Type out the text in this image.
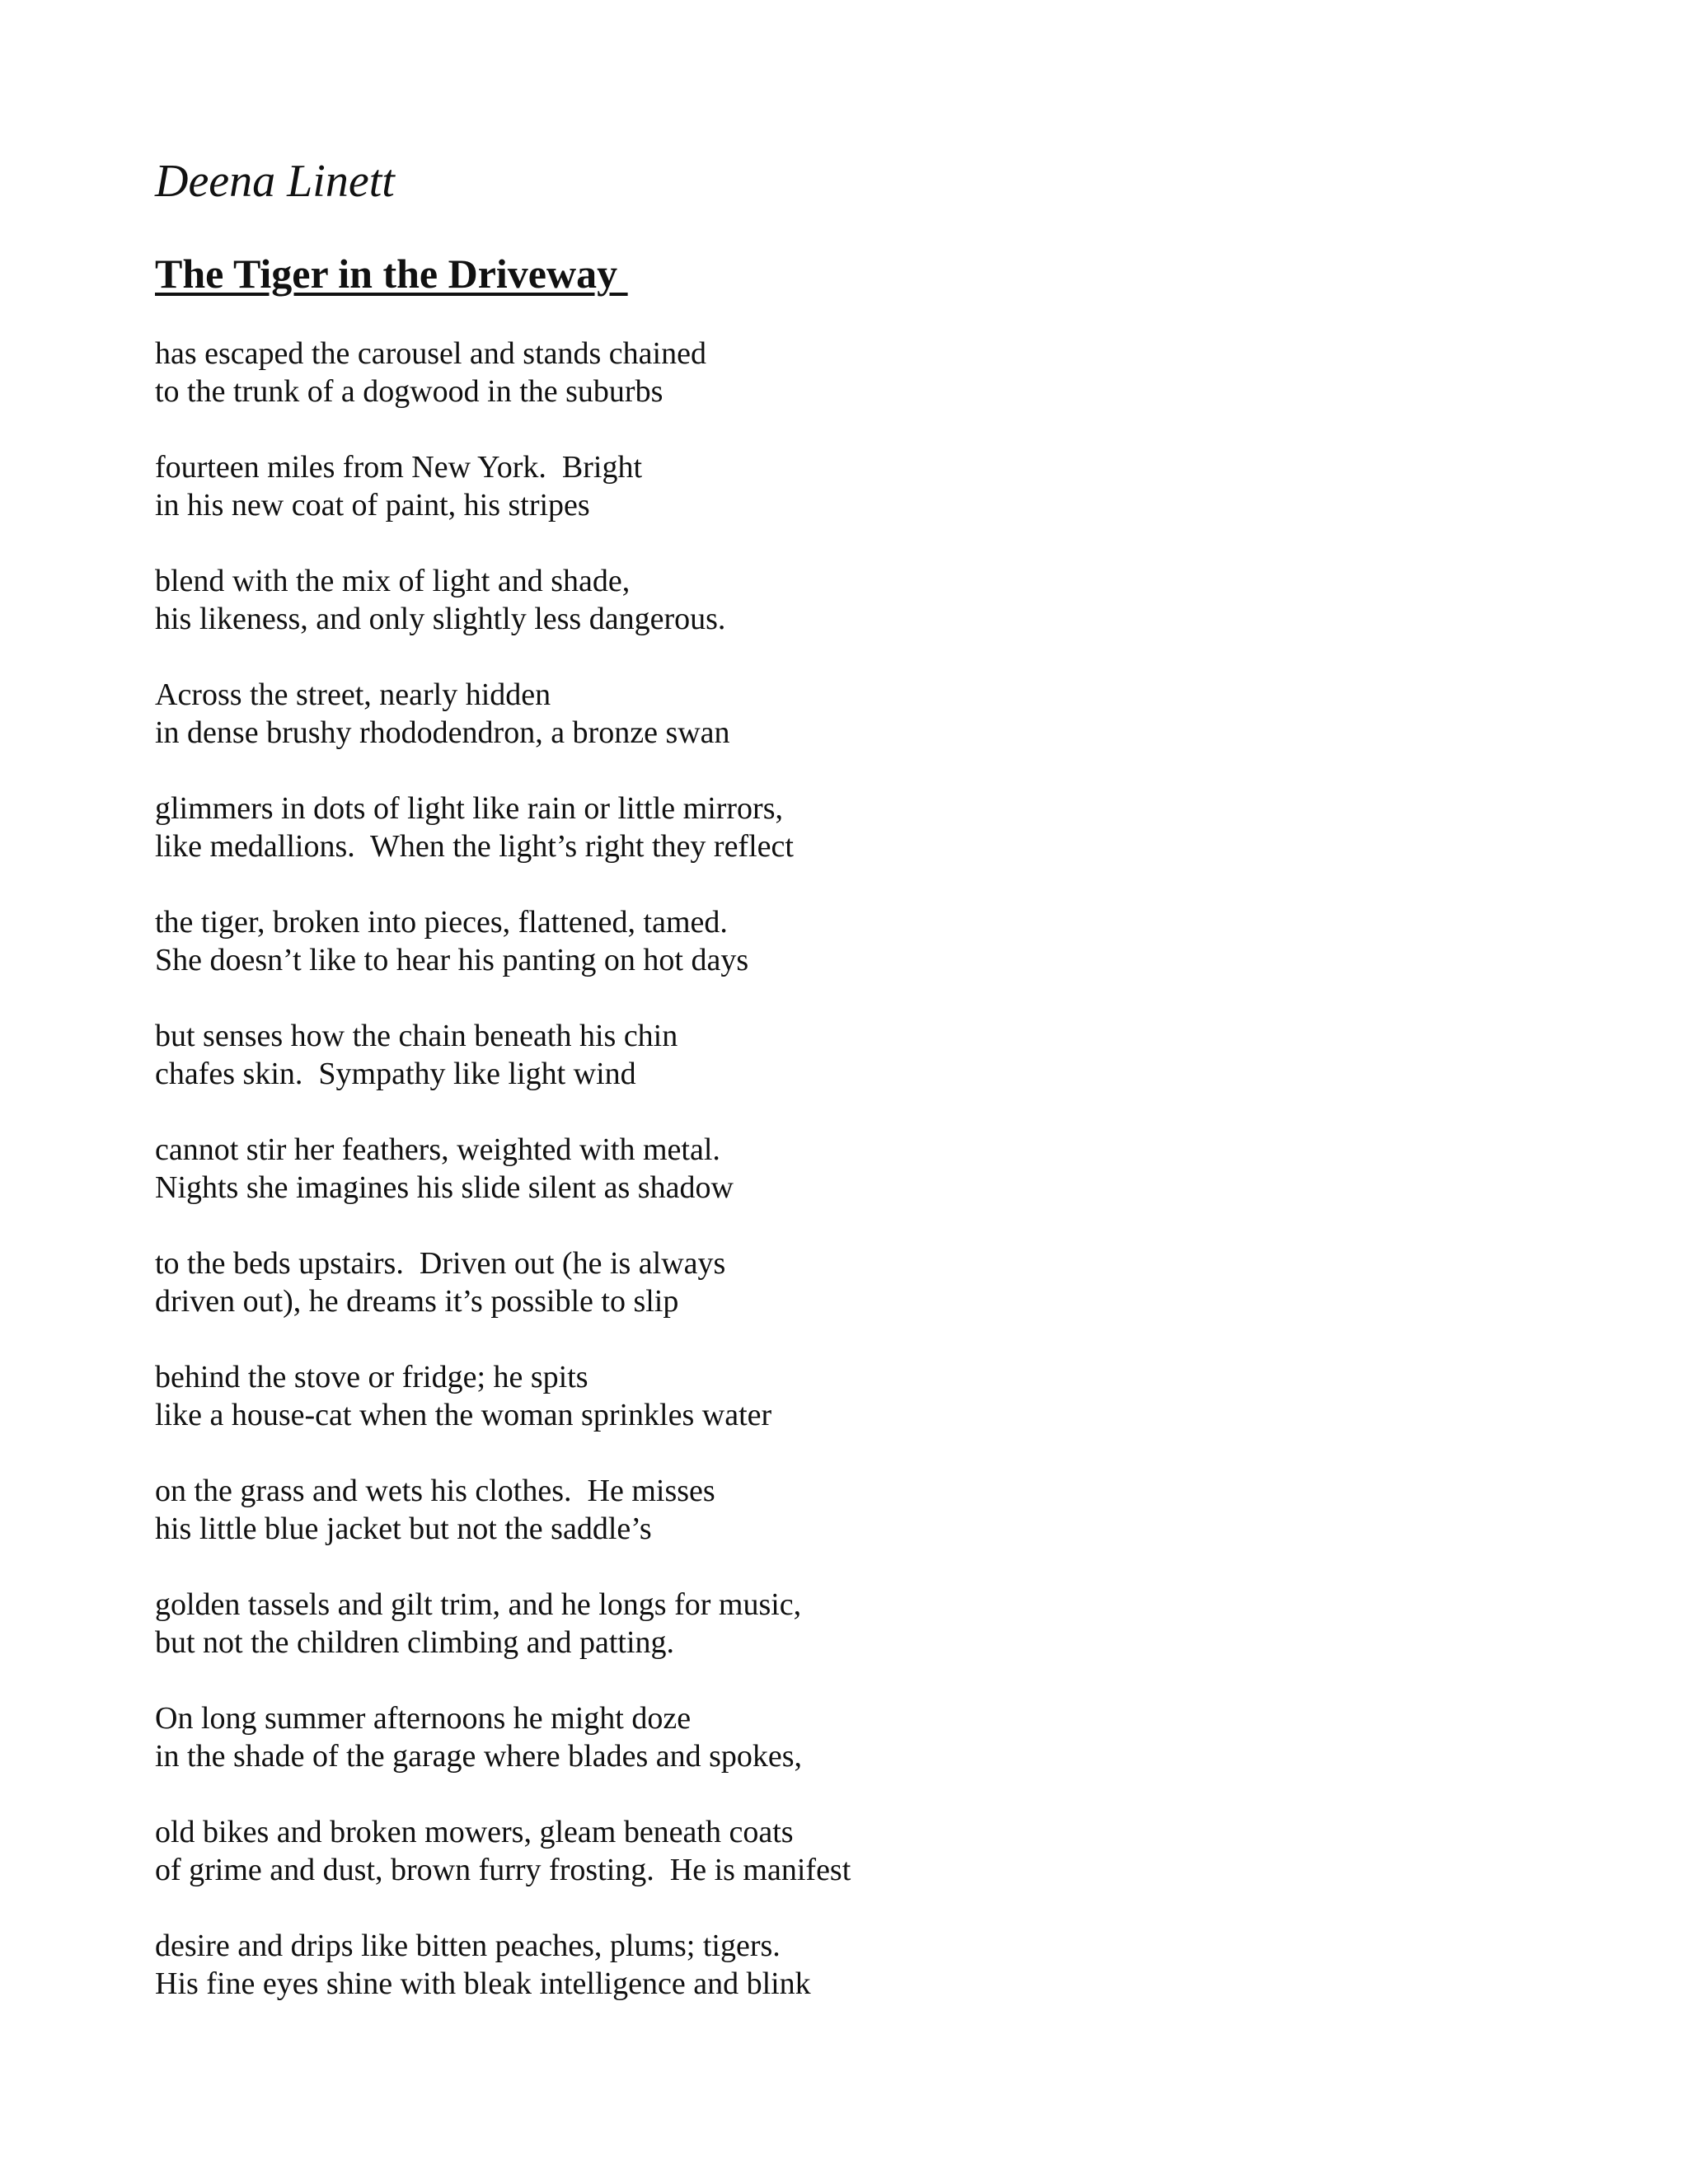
Deena Linett
The Tiger in the Driveway
has escaped the carousel and stands chained
to the trunk of a dogwood in the suburbs
fourteen miles from New York.  Bright
in his new coat of paint, his stripes
blend with the mix of light and shade,
his likeness, and only slightly less dangerous.
Across the street, nearly hidden
in dense brushy rhododendron, a bronze swan
glimmers in dots of light like rain or little mirrors,
like medallions.  When the light’s right they reflect
the tiger, broken into pieces, flattened, tamed.
She doesn’t like to hear his panting on hot days
but senses how the chain beneath his chin
chafes skin.  Sympathy like light wind
cannot stir her feathers, weighted with metal.
Nights she imagines his slide silent as shadow
to the beds upstairs.  Driven out (he is always
driven out), he dreams it’s possible to slip
behind the stove or fridge; he spits
like a house-cat when the woman sprinkles water
on the grass and wets his clothes.  He misses
his little blue jacket but not the saddle’s
golden tassels and gilt trim, and he longs for music,
but not the children climbing and patting.
On long summer afternoons he might doze
in the shade of the garage where blades and spokes,
old bikes and broken mowers, gleam beneath coats
of grime and dust, brown furry frosting.  He is manifest
desire and drips like bitten peaches, plums; tigers.
His fine eyes shine with bleak intelligence and blink
